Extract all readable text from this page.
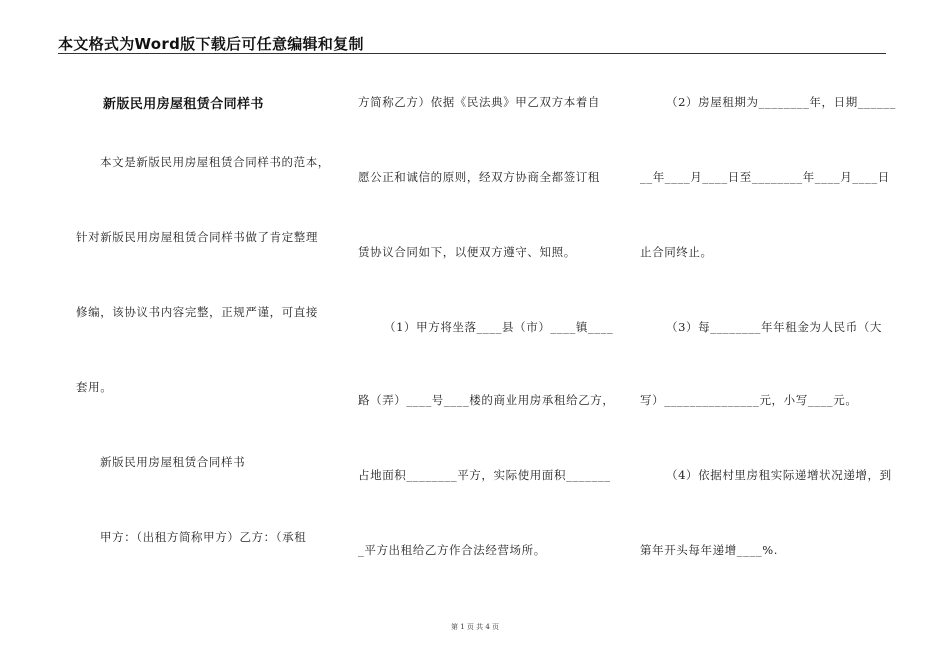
本文格式为Word版下载后可任意编辑和复制
新版民用房屋租赁合同样书
本文是新版民用房屋租赁合同样书的范本，
针对新版民用房屋租赁合同样书做了肯定整理
修编，该协议书内容完整，正规严谨，可直接
套用。
新版民用房屋租赁合同样书
甲方：（出租方简称甲方）乙方：（承租
方简称乙方）依据《民法典》甲乙双方本着自
愿公正和诚信的原则，经双方协商全都签订租
赁协议合同如下，以便双方遵守、知照。
（1）甲方将坐落____县（市）____镇____
路（弄）____号____楼的商业用房承租给乙方，
占地面积________平方，实际使用面积_______
_平方出租给乙方作合法经营场所。
（2）房屋租期为________年，日期______
__年____月____日至________年____月____日
止合同终止。
（3）每________年年租金为人民币（大
写）_______________元，小写____元。
（4）依据村里房租实际递增状况递增，到
第年开头每年递增____%.
第 1 页 共 4 页
